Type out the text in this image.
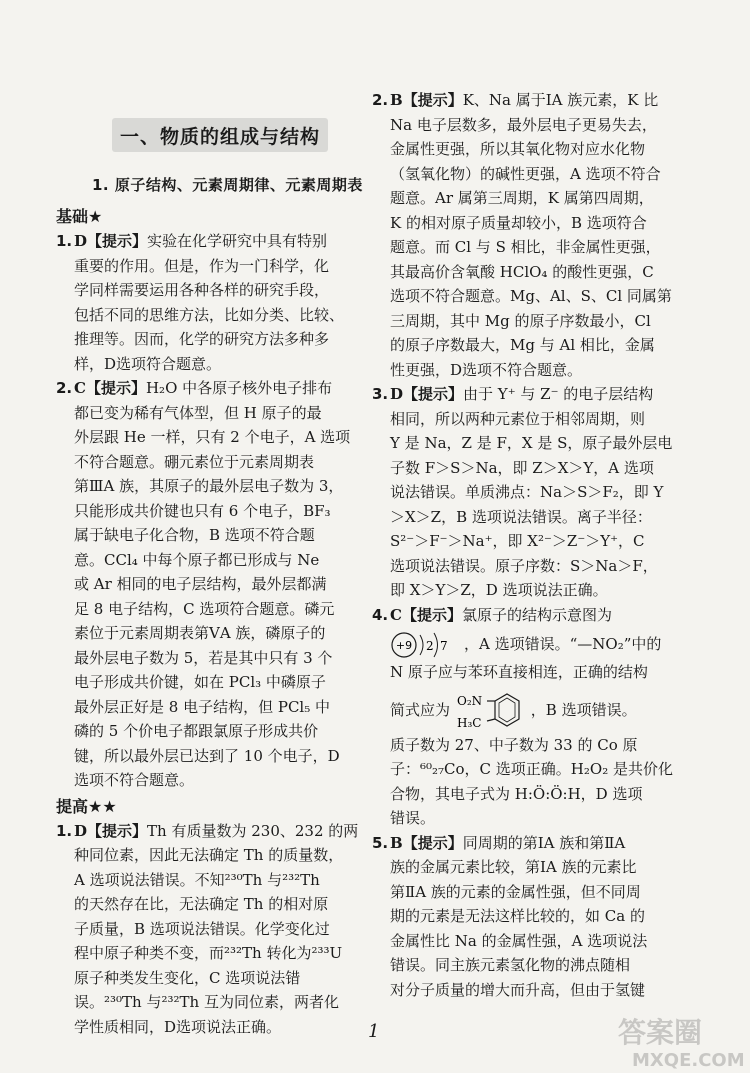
一、物质的组成与结构
1. 原子结构、元素周期律、元素周期表

基础★

1. D【提示】实验在化学研究中具有特别
重要的作用。但是，作为一门科学，化
学同样需要运用各种各样的研究手段，
包括不同的思维方法，比如分类、比较、
推理等。因而，化学的研究方法多种多
样，D选项符合题意。
2. C【提示】H₂O 中各原子核外电子排布
都已变为稀有气体型，但 H 原子的最
外层跟 He 一样，只有 2 个电子，A 选项
不符合题意。硼元素位于元素周期表
第ⅢA 族，其原子的最外层电子数为 3，
只能形成共价键也只有 6 个电子，BF₃
属于缺电子化合物，B 选项不符合题
意。CCl₄ 中每个原子都已形成与 Ne
或 Ar 相同的电子层结构，最外层都满
足 8 电子结构，C 选项符合题意。磷元
素位于元素周期表第ⅤA 族，磷原子的
最外层电子数为 5，若是其中只有 3 个
电子形成共价键，如在 PCl₃ 中磷原子
最外层正好是 8 电子结构，但 PCl₅ 中
磷的 5 个价电子都跟氯原子形成共价
键，所以最外层已达到了 10 个电子，D
选项不符合题意。

提高★★

1. D【提示】Th 有质量数为 230、232 的两
种同位素，因此无法确定 Th 的质量数，
A 选项说法错误。不知²³⁰Th 与²³²Th
的天然存在比，无法确定 Th 的相对原
子质量，B 选项说法错误。化学变化过
程中原子种类不变，而²³²Th 转化为²³³U
原子种类发生变化，C 选项说法错
误。²³⁰Th 与²³²Th 互为同位素，两者化
学性质相同，D选项说法正确。
2. B【提示】K、Na 属于ⅠA 族元素，K 比
Na 电子层数多，最外层电子更易失去，
金属性更强，所以其氧化物对应水化物
（氢氧化物）的碱性更强，A 选项不符合
题意。Ar 属第三周期，K 属第四周期，
K 的相对原子质量却较小，B 选项符合
题意。而 Cl 与 S 相比，非金属性更强，
其最高价含氧酸 HClO₄ 的酸性更强，C
选项不符合题意。Mg、Al、S、Cl 同属第
三周期，其中 Mg 的原子序数最小，Cl
的原子序数最大，Mg 与 Al 相比，金属
性更强，D选项不符合题意。
3. D【提示】由于 Y⁺ 与 Z⁻ 的电子层结构
相同，所以两种元素位于相邻周期，则
Y 是 Na，Z 是 F，X 是 S，原子最外层电
子数 F＞S＞Na，即 Z＞X＞Y，A 选项
说法错误。单质沸点：Na＞S＞F₂，即 Y
＞X＞Z，B 选项说法错误。离子半径：
S²⁻＞F⁻＞Na⁺，即 X²⁻＞Z⁻＞Y⁺，C
选项说法错误。原子序数：S＞Na＞F，
即 X＞Y＞Z，D 选项说法正确。
4. C【提示】氯原子的结构示意图为
+9 2 7 ，A 选项错误。“—NO₂”中的
N 原子应与苯环直接相连，正确的结构
简式应为 O₂N
H₃C
，B 选项错误。
质子数为 27、中子数为 33 的 Co 原
子：⁶⁰₂₇Co，C 选项正确。H₂O₂ 是共价化
合物，其电子式为 H:Ö:Ö:H，D 选项
错误。
5. B【提示】同周期的第ⅠA 族和第ⅡA
族的金属元素比较，第ⅠA 族的元素比
第ⅡA 族的元素的金属性强，但不同周
期的元素是无法这样比较的，如 Ca 的
金属性比 Na 的金属性强，A 选项说法
错误。同主族元素氢化物的沸点随相
对分子质量的增大而升高，但由于氢键
1	答案圈
MXQE.COM
